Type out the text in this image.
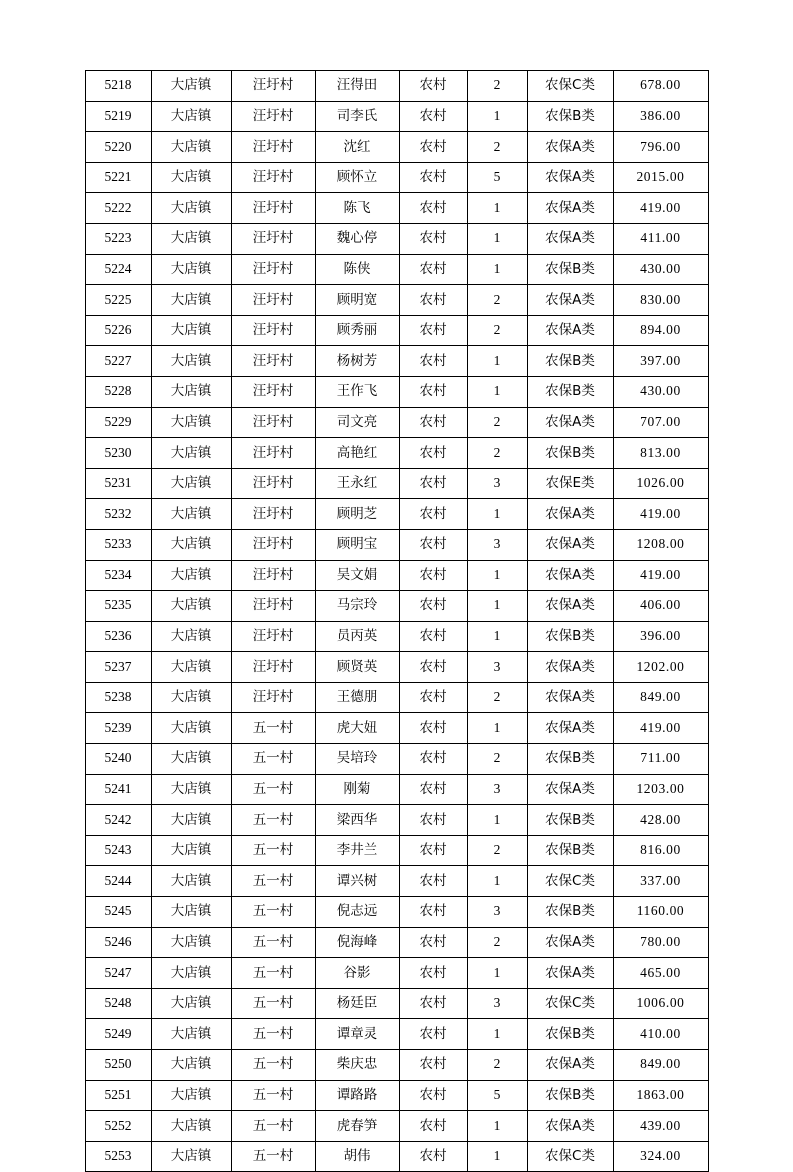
5218	大店镇	汪圩村	汪得田	农村	2	农保C类	678.00
5219	大店镇	汪圩村	司李氏	农村	1	农保B类	386.00
5220	大店镇	汪圩村	沈红	农村	2	农保A类	796.00
5221	大店镇	汪圩村	顾怀立	农村	5	农保A类	2015.00
5222	大店镇	汪圩村	陈飞	农村	1	农保A类	419.00
5223	大店镇	汪圩村	魏心停	农村	1	农保A类	411.00
5224	大店镇	汪圩村	陈侠	农村	1	农保B类	430.00
5225	大店镇	汪圩村	顾明宽	农村	2	农保A类	830.00
5226	大店镇	汪圩村	顾秀丽	农村	2	农保A类	894.00
5227	大店镇	汪圩村	杨树芳	农村	1	农保B类	397.00
5228	大店镇	汪圩村	王作飞	农村	1	农保B类	430.00
5229	大店镇	汪圩村	司文亮	农村	2	农保A类	707.00
5230	大店镇	汪圩村	高艳红	农村	2	农保B类	813.00
5231	大店镇	汪圩村	王永红	农村	3	农保E类	1026.00
5232	大店镇	汪圩村	顾明芝	农村	1	农保A类	419.00
5233	大店镇	汪圩村	顾明宝	农村	3	农保A类	1208.00
5234	大店镇	汪圩村	吴文娟	农村	1	农保A类	419.00
5235	大店镇	汪圩村	马宗玲	农村	1	农保A类	406.00
5236	大店镇	汪圩村	员丙英	农村	1	农保B类	396.00
5237	大店镇	汪圩村	顾贤英	农村	3	农保A类	1202.00
5238	大店镇	汪圩村	王德朋	农村	2	农保A类	849.00
5239	大店镇	五一村	虎大妞	农村	1	农保A类	419.00
5240	大店镇	五一村	吴培玲	农村	2	农保B类	711.00
5241	大店镇	五一村	刚菊	农村	3	农保A类	1203.00
5242	大店镇	五一村	梁西华	农村	1	农保B类	428.00
5243	大店镇	五一村	李井兰	农村	2	农保B类	816.00
5244	大店镇	五一村	谭兴树	农村	1	农保C类	337.00
5245	大店镇	五一村	倪志远	农村	3	农保B类	1160.00
5246	大店镇	五一村	倪海峰	农村	2	农保A类	780.00
5247	大店镇	五一村	谷影	农村	1	农保A类	465.00
5248	大店镇	五一村	杨廷臣	农村	3	农保C类	1006.00
5249	大店镇	五一村	谭章灵	农村	1	农保B类	410.00
5250	大店镇	五一村	柴庆忠	农村	2	农保A类	849.00
5251	大店镇	五一村	谭路路	农村	5	农保B类	1863.00
5252	大店镇	五一村	虎春笋	农村	1	农保A类	439.00
5253	大店镇	五一村	胡伟	农村	1	农保C类	324.00
